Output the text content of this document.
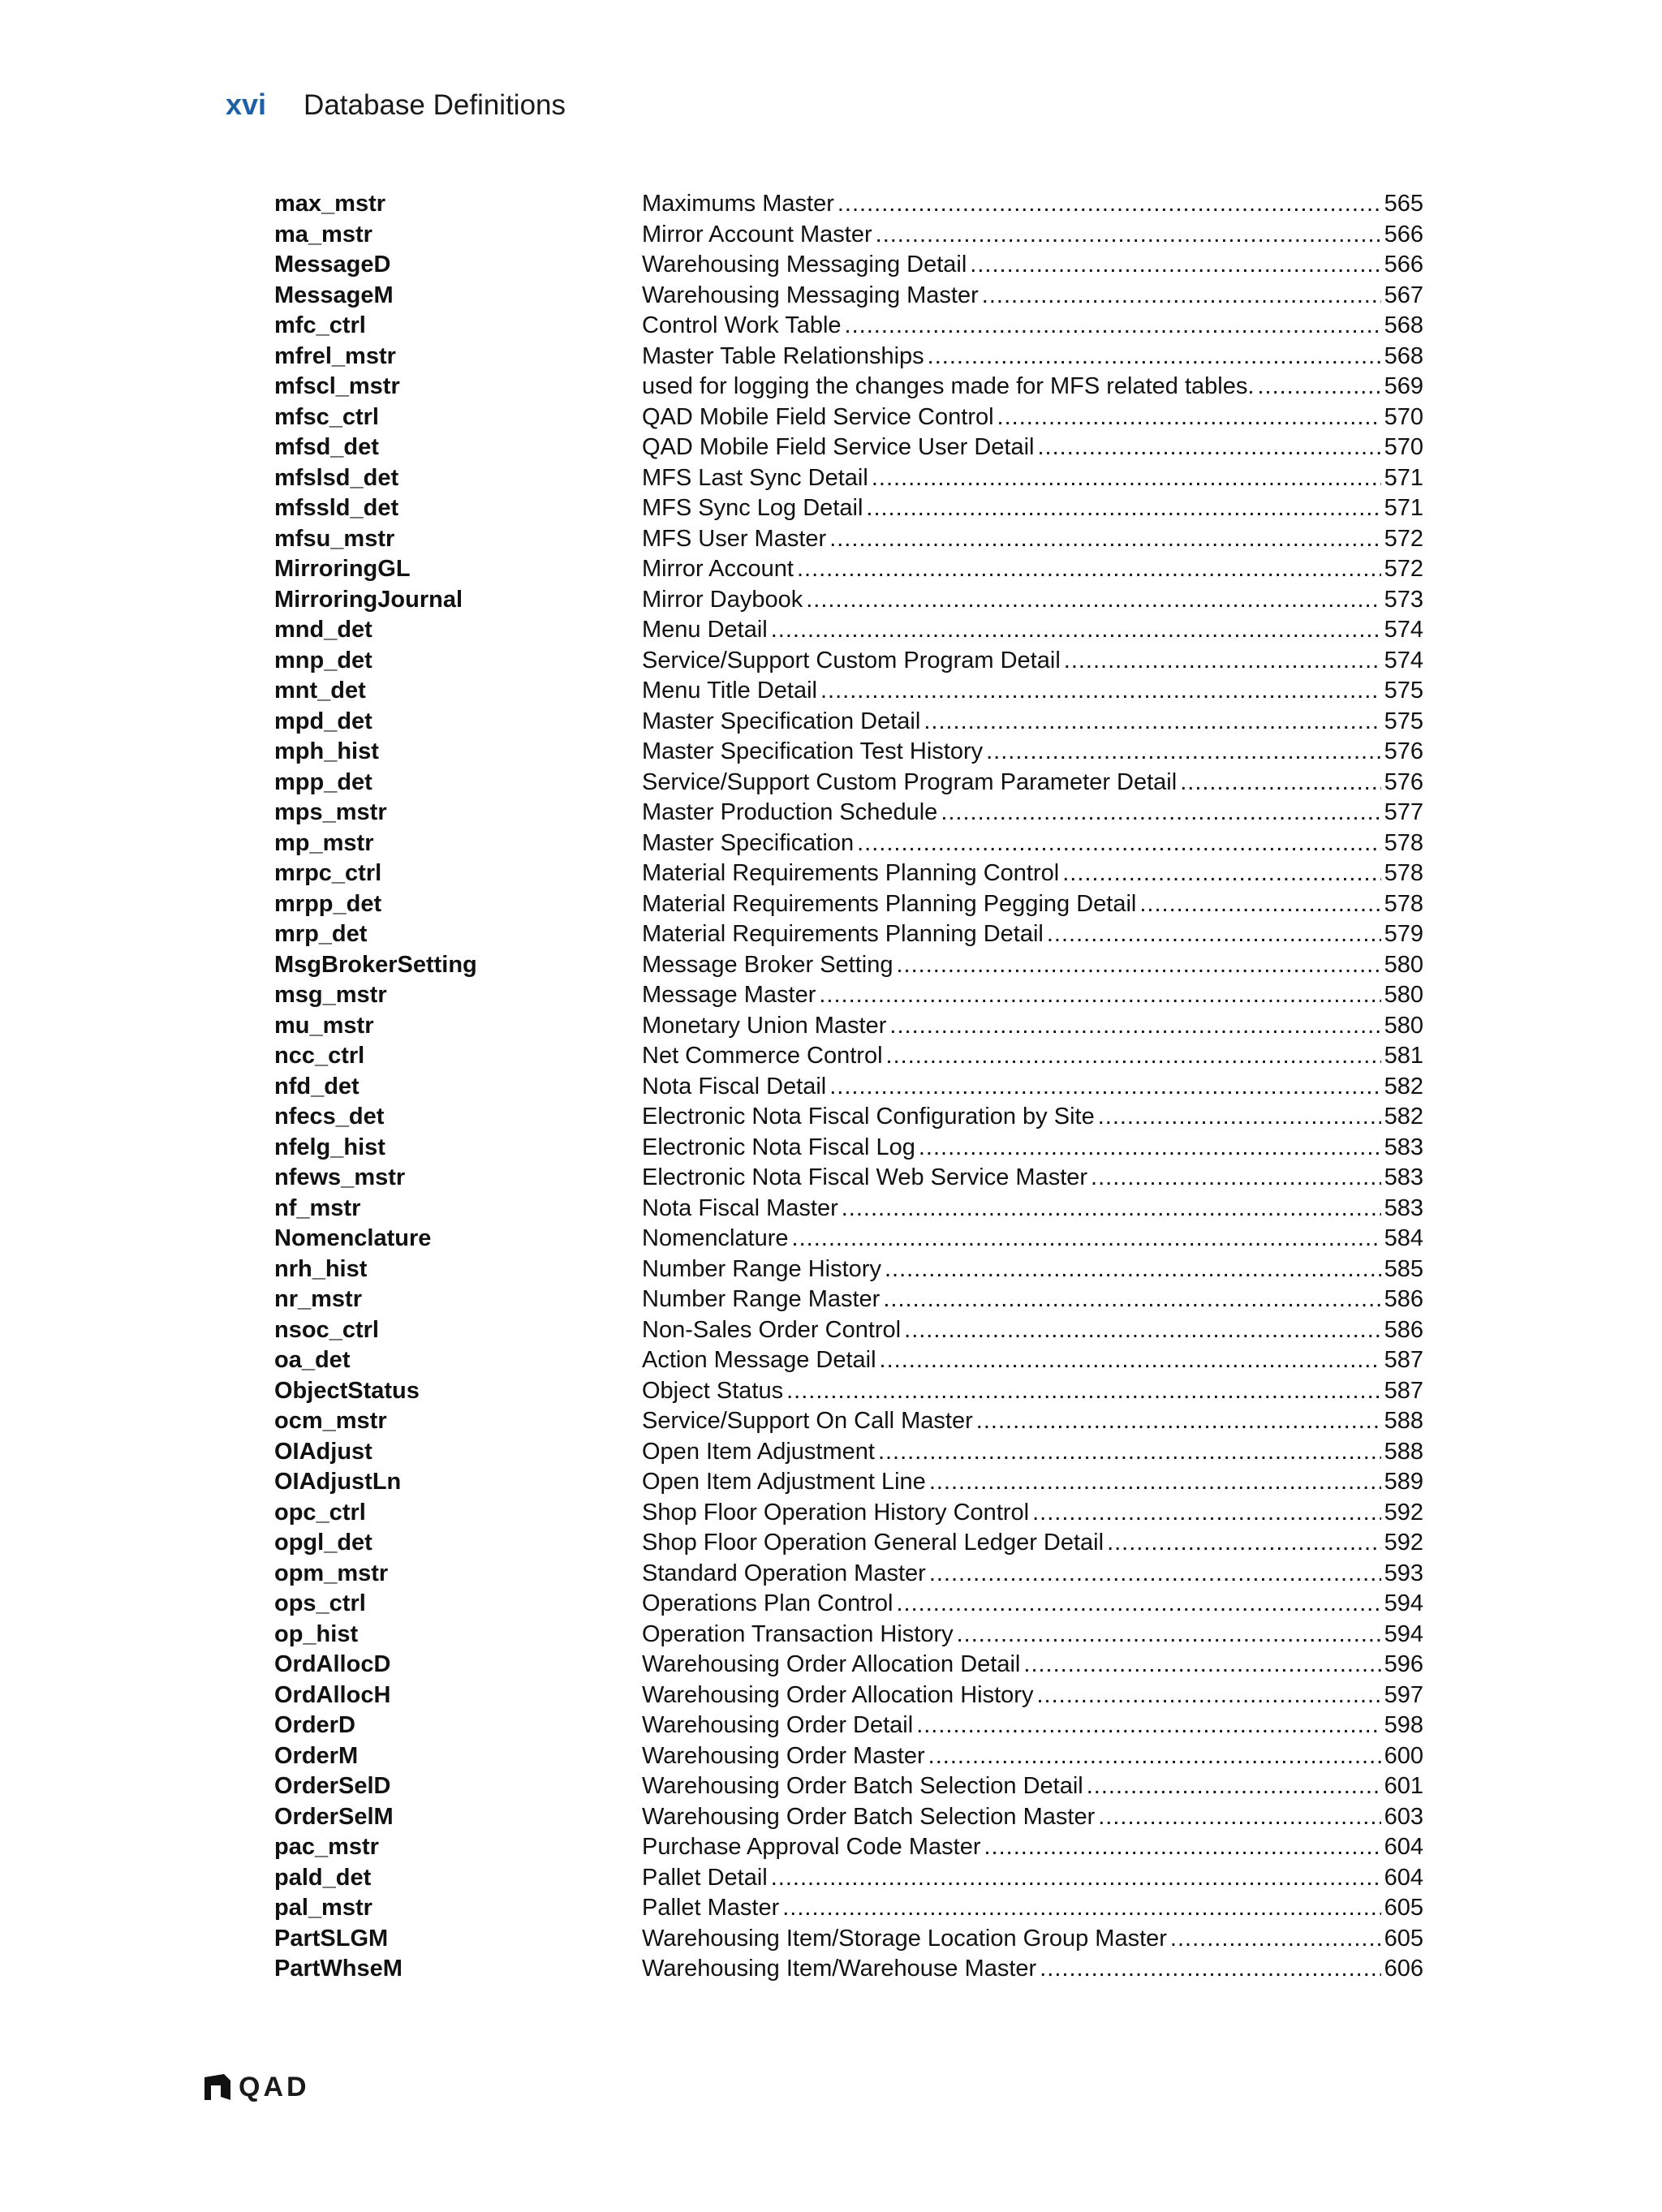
xvi Database Definitions
max_mstr	Maximums Master .....	565
ma_mstr	Mirror Account Master .....	566
MessageD	Warehousing Messaging Detail .....	566
MessageM	Warehousing Messaging Master .....	567
mfc_ctrl	Control Work Table .....	568
mfrel_mstr	Master Table Relationships .....	568
mfscl_mstr	used for logging the changes made for MFS related tables. .....	569
mfsc_ctrl	QAD Mobile Field Service Control .....	570
mfsd_det	QAD Mobile Field Service User Detail .....	570
mfslsd_det	MFS Last Sync Detail .....	571
mfssld_det	MFS Sync Log Detail .....	571
mfsu_mstr	MFS User Master .....	572
MirroringGL	Mirror Account .....	572
MirroringJournal	Mirror Daybook .....	573
mnd_det	Menu Detail .....	574
mnp_det	Service/Support Custom Program Detail .....	574
mnt_det	Menu Title Detail .....	575
mpd_det	Master Specification Detail .....	575
mph_hist	Master Specification Test History .....	576
mpp_det	Service/Support Custom Program Parameter Detail .....	576
mps_mstr	Master Production Schedule .....	577
mp_mstr	Master Specification .....	578
mrpc_ctrl	Material Requirements Planning Control .....	578
mrpp_det	Material Requirements Planning Pegging Detail .....	578
mrp_det	Material Requirements Planning Detail .....	579
MsgBrokerSetting	Message Broker Setting .....	580
msg_mstr	Message Master .....	580
mu_mstr	Monetary Union Master .....	580
ncc_ctrl	Net Commerce Control .....	581
nfd_det	Nota Fiscal Detail .....	582
nfecs_det	Electronic Nota Fiscal Configuration by Site .....	582
nfelg_hist	Electronic Nota Fiscal Log .....	583
nfews_mstr	Electronic Nota Fiscal Web Service Master .....	583
nf_mstr	Nota Fiscal Master .....	583
Nomenclature	Nomenclature .....	584
nrh_hist	Number Range History .....	585
nr_mstr	Number Range Master .....	586
nsoc_ctrl	Non-Sales Order Control .....	586
oa_det	Action Message Detail .....	587
ObjectStatus	Object Status .....	587
ocm_mstr	Service/Support On Call Master .....	588
OIAdjust	Open Item Adjustment .....	588
OIAdjustLn	Open Item Adjustment Line .....	589
opc_ctrl	Shop Floor Operation History Control .....	592
opgl_det	Shop Floor Operation General Ledger Detail .....	592
opm_mstr	Standard Operation Master .....	593
ops_ctrl	Operations Plan Control .....	594
op_hist	Operation Transaction History .....	594
OrdAllocD	Warehousing Order Allocation Detail .....	596
OrdAllocH	Warehousing Order Allocation History .....	597
OrderD	Warehousing Order Detail .....	598
OrderM	Warehousing Order Master .....	600
OrderSelD	Warehousing Order Batch Selection Detail .....	601
OrderSelM	Warehousing Order Batch Selection Master .....	603
pac_mstr	Purchase Approval Code Master .....	604
pald_det	Pallet Detail .....	604
pal_mstr	Pallet Master .....	605
PartSLGM	Warehousing Item/Storage Location Group Master .....	605
PartWhseM	Warehousing Item/Warehouse Master .....	606
QAD
